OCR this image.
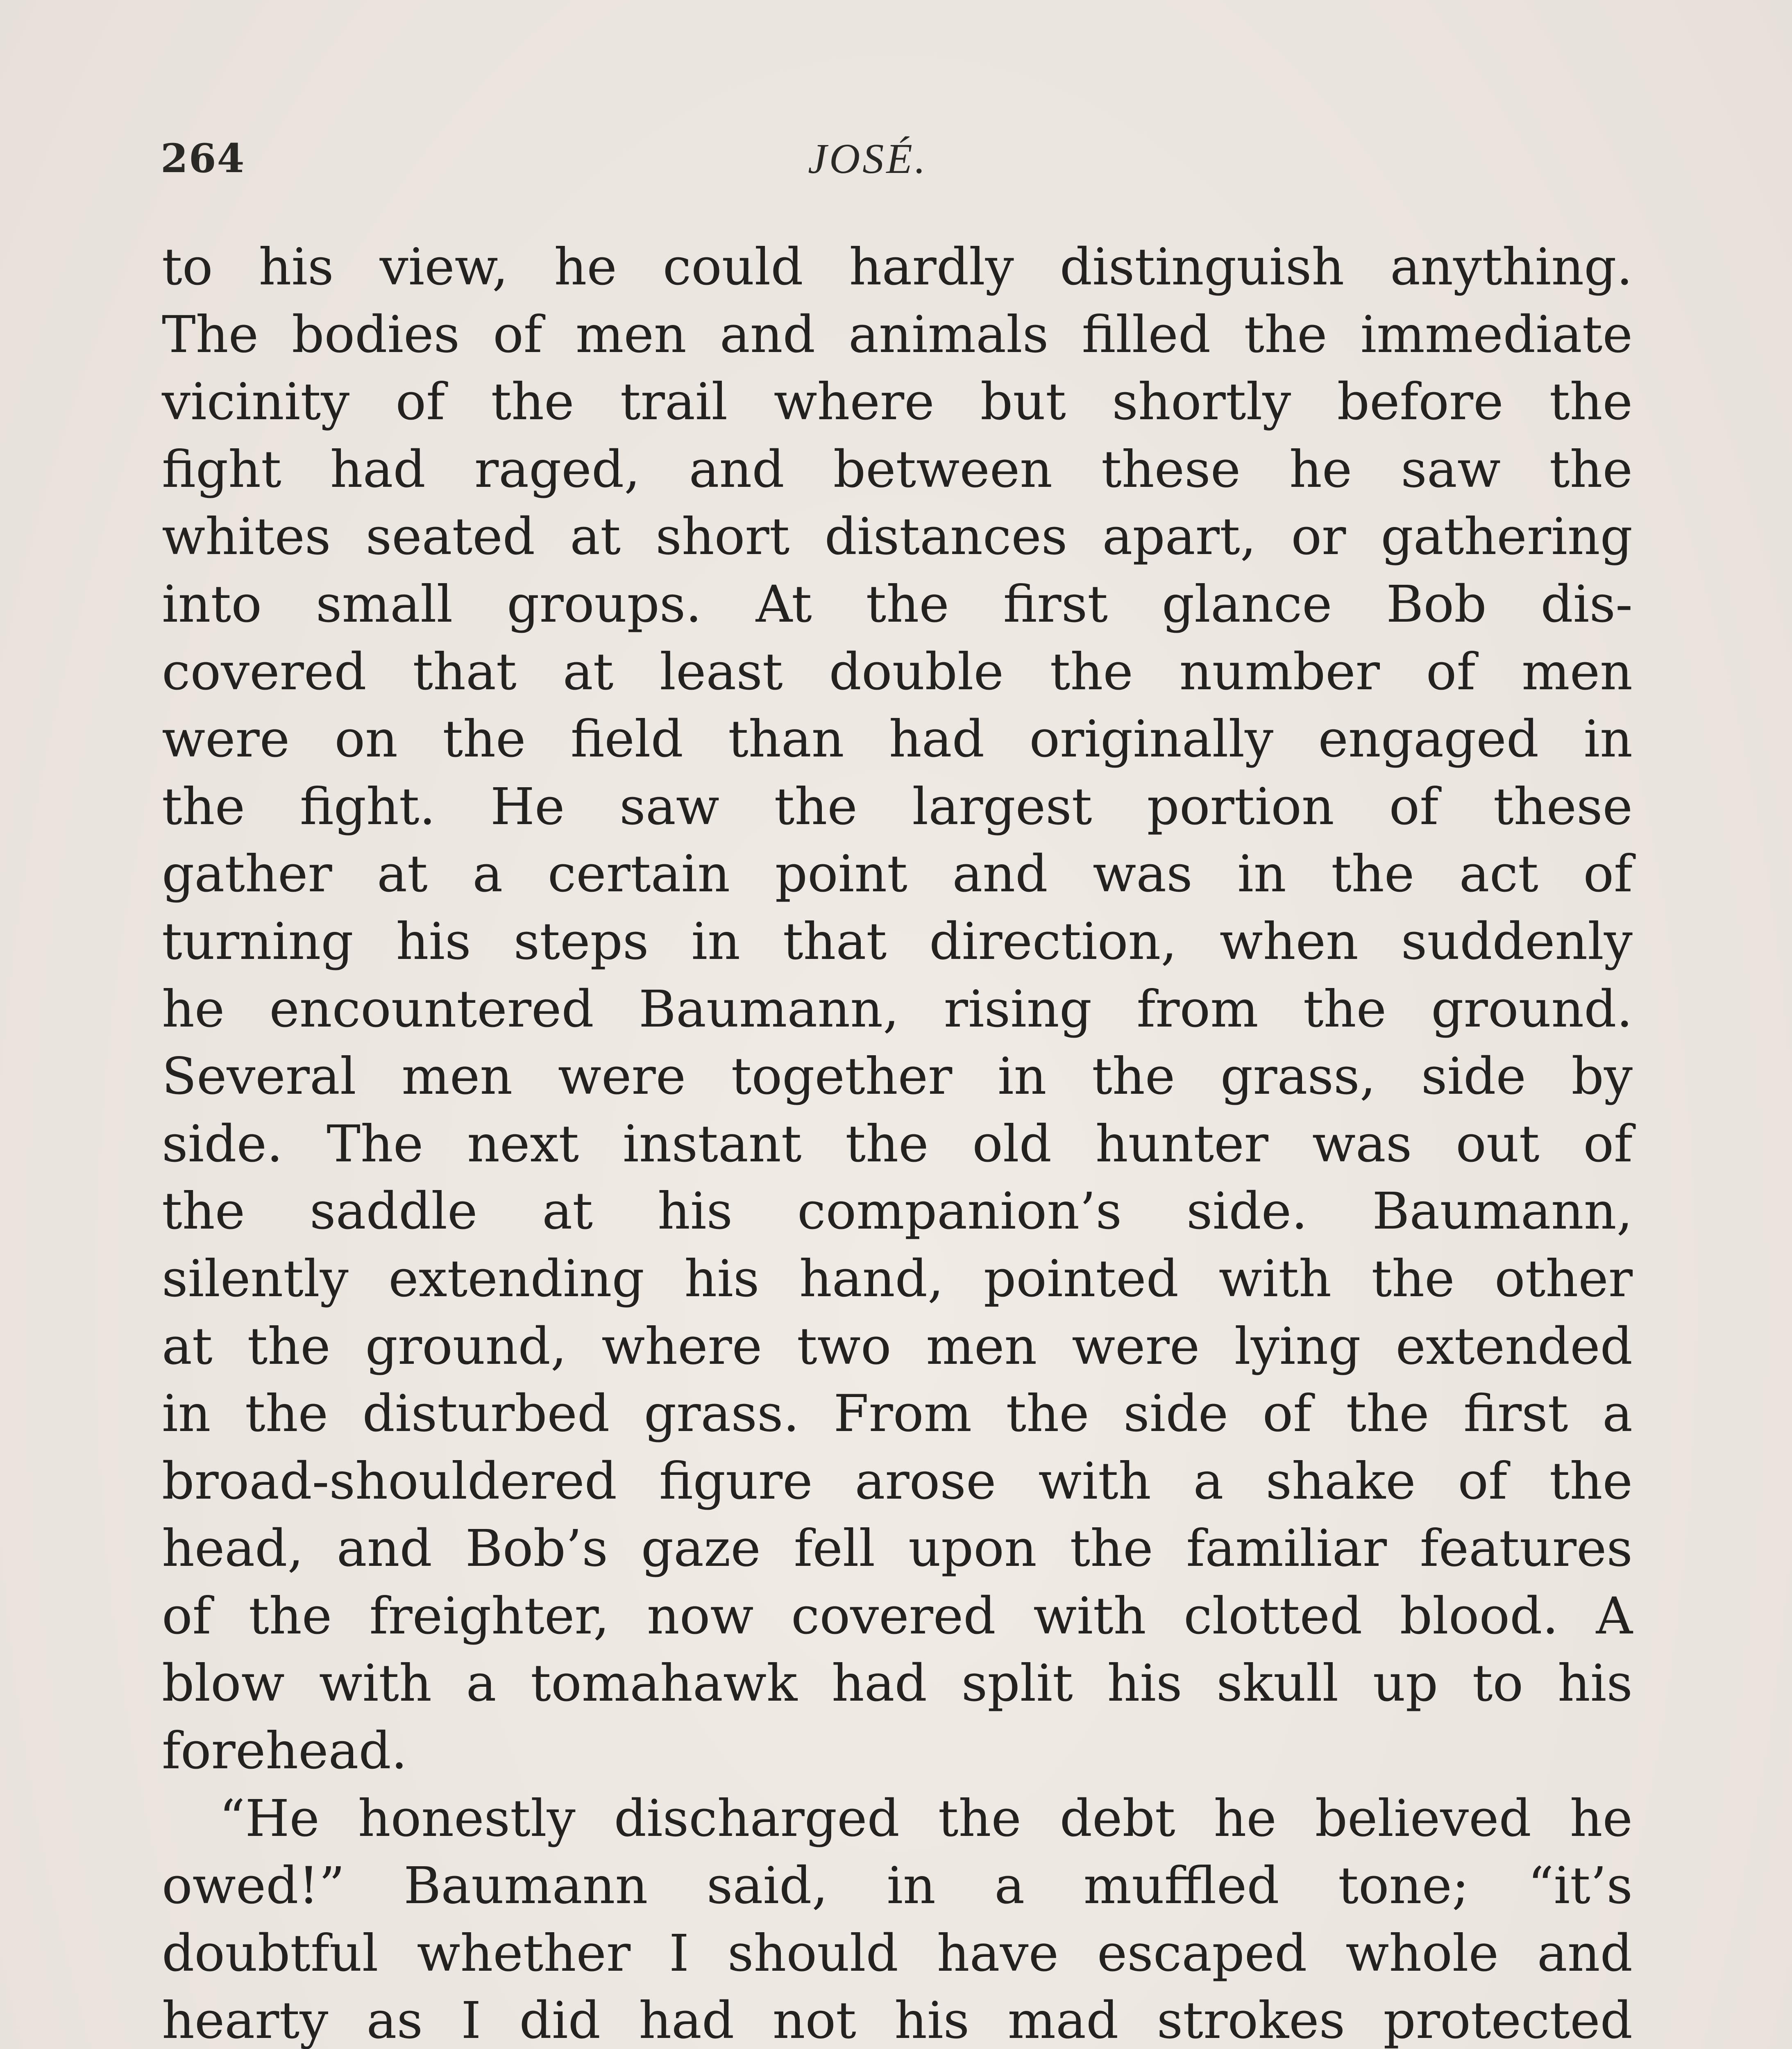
264	JOSÉ.
to his view, he could hardly distinguish anything.
The bodies of men and animals filled the immediate
vicinity of the trail where but shortly before the
fight had raged, and between these he saw the
whites seated at short distances apart, or gathering
into small groups. At the first glance Bob dis-
covered that at least double the number of men
were on the field than had originally engaged in
the fight. He saw the largest portion of these
gather at a certain point and was in the act of
turning his steps in that direction, when suddenly
he encountered Baumann, rising from the ground.
Several men were together in the grass, side by
side. The next instant the old hunter was out of
the saddle at his companion’s side. Baumann,
silently extending his hand, pointed with the other
at the ground, where two men were lying extended
in the disturbed grass. From the side of the first a
broad-shouldered figure arose with a shake of the
head, and Bob’s gaze fell upon the familiar features
of the freighter, now covered with clotted blood. A
blow with a tomahawk had split his skull up to his
forehead.
“He honestly discharged the debt he believed he
owed!” Baumann said, in a muffled tone; “it’s
doubtful whether I should have escaped whole and
hearty as I did had not his mad strokes protected
